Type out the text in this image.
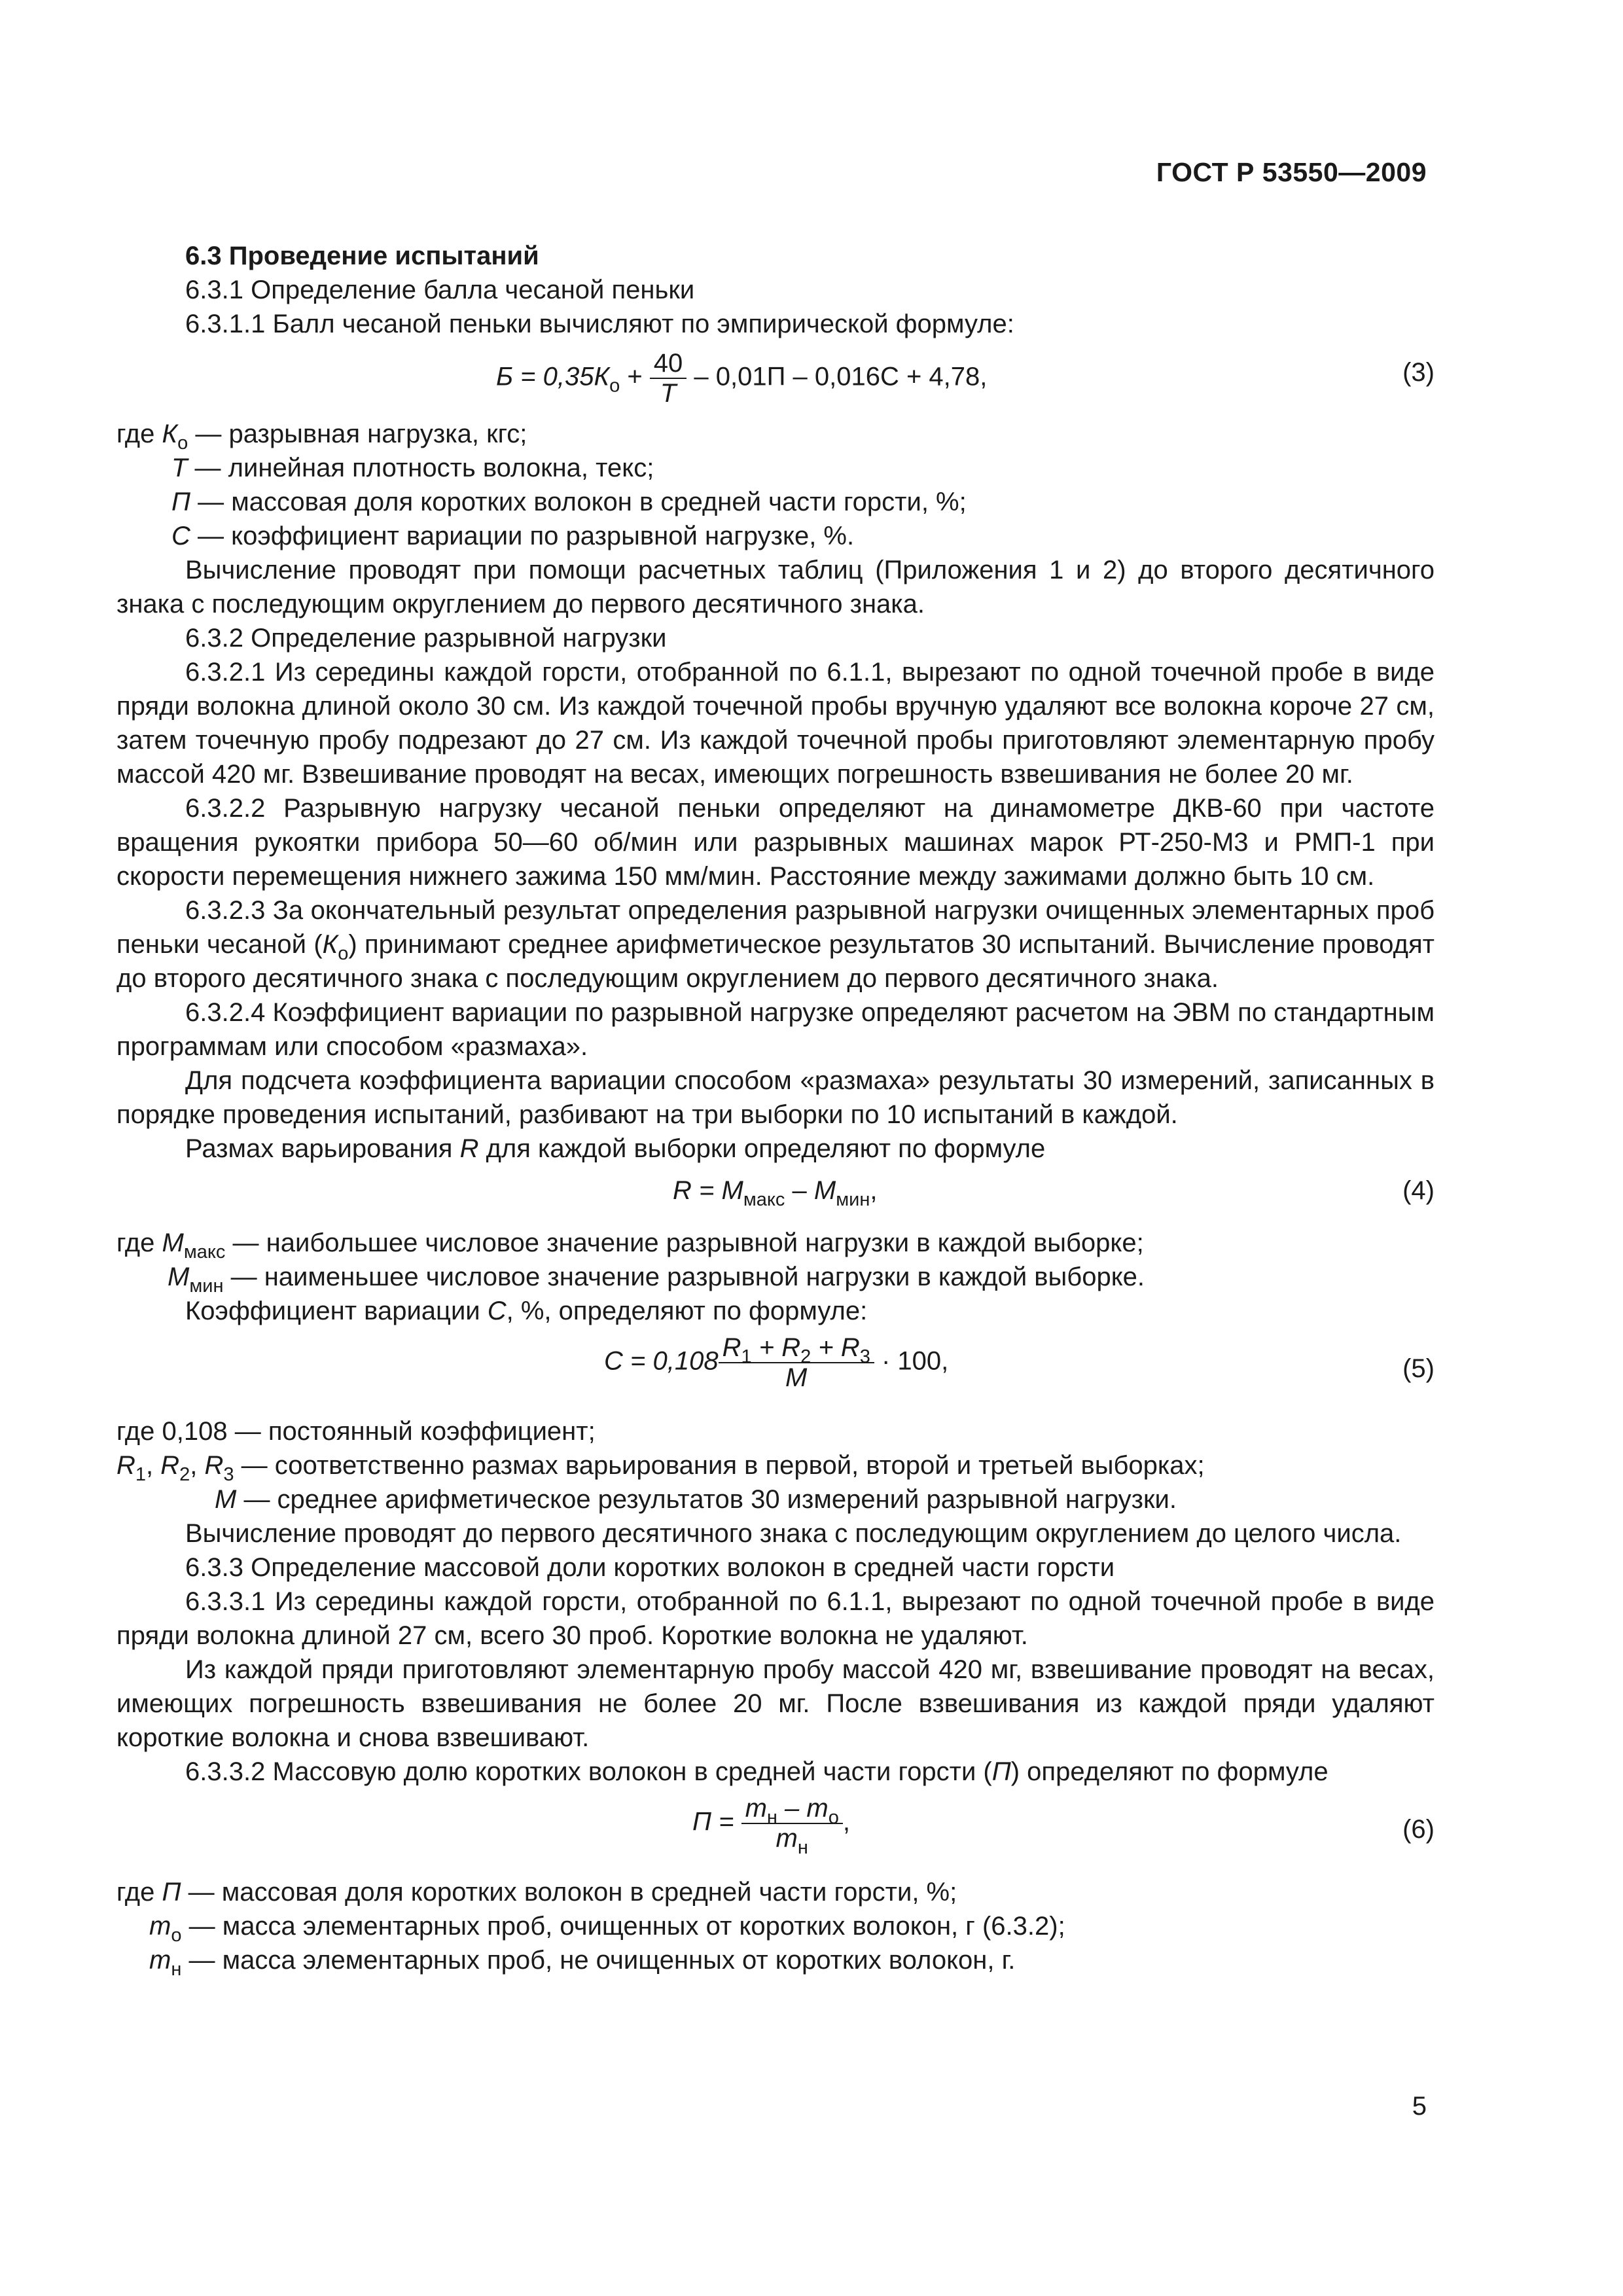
ГОСТ Р 53550—2009

6.3 Проведение испытаний

6.3.1 Определение балла чесаной пеньки

6.3.1.1 Балл чесаной пеньки вычисляют по эмпирической формуле:

$Б = 0,35К_о + \frac{40}{Т} - 0,01П - 0,016С + 4,78$,	(3)

где $К_о$ — разрывная нагрузка, кгс;

Т — линейная плотность волокна, текс;

П — массовая доля коротких волокон в средней части горсти, %;

С — коэффициент вариации по разрывной нагрузке, %.

Вычисление проводят при помощи расчетных таблиц (Приложения 1 и 2) до второго десятичного знака с последующим округлением до первого десятичного знака.

6.3.2 Определение разрывной нагрузки

6.3.2.1 Из середины каждой горсти, отобранной по 6.1.1, вырезают по одной точечной пробе в виде пряди волокна длиной около 30 см. Из каждой точечной пробы вручную удаляют все волокна короче 27 см, затем точечную пробу подрезают до 27 см. Из каждой точечной пробы приготовляют элементарную пробу массой 420 мг. Взвешивание проводят на весах, имеющих погрешность взвешивания не более 20 мг.

6.3.2.2 Разрывную нагрузку чесаной пеньки определяют на динамометре ДКВ-60 при частоте вращения рукоятки прибора 50—60 об/мин или разрывных машинах марок РТ-250-М3 и РМП-1 при скорости перемещения нижнего зажима 150 мм/мин. Расстояние между зажимами должно быть 10 см.

6.3.2.3 За окончательный результат определения разрывной нагрузки очищенных элементарных проб пеньки чесаной $(К_о)$ принимают среднее арифметическое результатов 30 испытаний. Вычисление проводят до второго десятичного знака с последующим округлением до первого десятичного знака.

6.3.2.4 Коэффициент вариации по разрывной нагрузке определяют расчетом на ЭВМ по стандартным программам или способом «размаха».

Для подсчета коэффициента вариации способом «размаха» результаты 30 измерений, записанных в порядке проведения испытаний, разбивают на три выборки по 10 испытаний в каждой.

Размах варьирования R для каждой выборки определяют по формуле

$R = М_{макс} - М_{мин}$,	(4)

где $М_{макс}$ — наибольшее числовое значение разрывной нагрузки в каждой выборке;

$М_{мин}$ — наименьшее числовое значение разрывной нагрузки в каждой выборке.

Коэффициент вариации С, %, определяют по формуле:

$C = 0,108 \frac{R_1 + R_2 + R_3}{M} \cdot 100$,	(5)

где 0,108 — постоянный коэффициент;

$R_1$, $R_2$, $R_3$ — соответственно размах варьирования в первой, второй и третьей выборках;

М — среднее арифметическое результатов 30 измерений разрывной нагрузки.

Вычисление проводят до первого десятичного знака с последующим округлением до целого числа.

6.3.3 Определение массовой доли коротких волокон в средней части горсти

6.3.3.1 Из середины каждой горсти, отобранной по 6.1.1, вырезают по одной точечной пробе в виде пряди волокна длиной 27 см, всего 30 проб. Короткие волокна не удаляют.

Из каждой пряди приготовляют элементарную пробу массой 420 мг, взвешивание проводят на весах, имеющих погрешность взвешивания не более 20 мг. После взвешивания из каждой пряди удаляют короткие волокна и снова взвешивают.

6.3.3.2 Массовую долю коротких волокон в средней части горсти (П) определяют по формуле

$П = \frac{m_н - m_о}{m_н}$ ,	(6)

где П — массовая доля коротких волокон в средней части горсти, %;

$m_о$ — масса элементарных проб, очищенных от коротких волокон, г (6.3.2);

$m_н$ — масса элементарных проб, не очищенных от коротких волокон, г.

5
